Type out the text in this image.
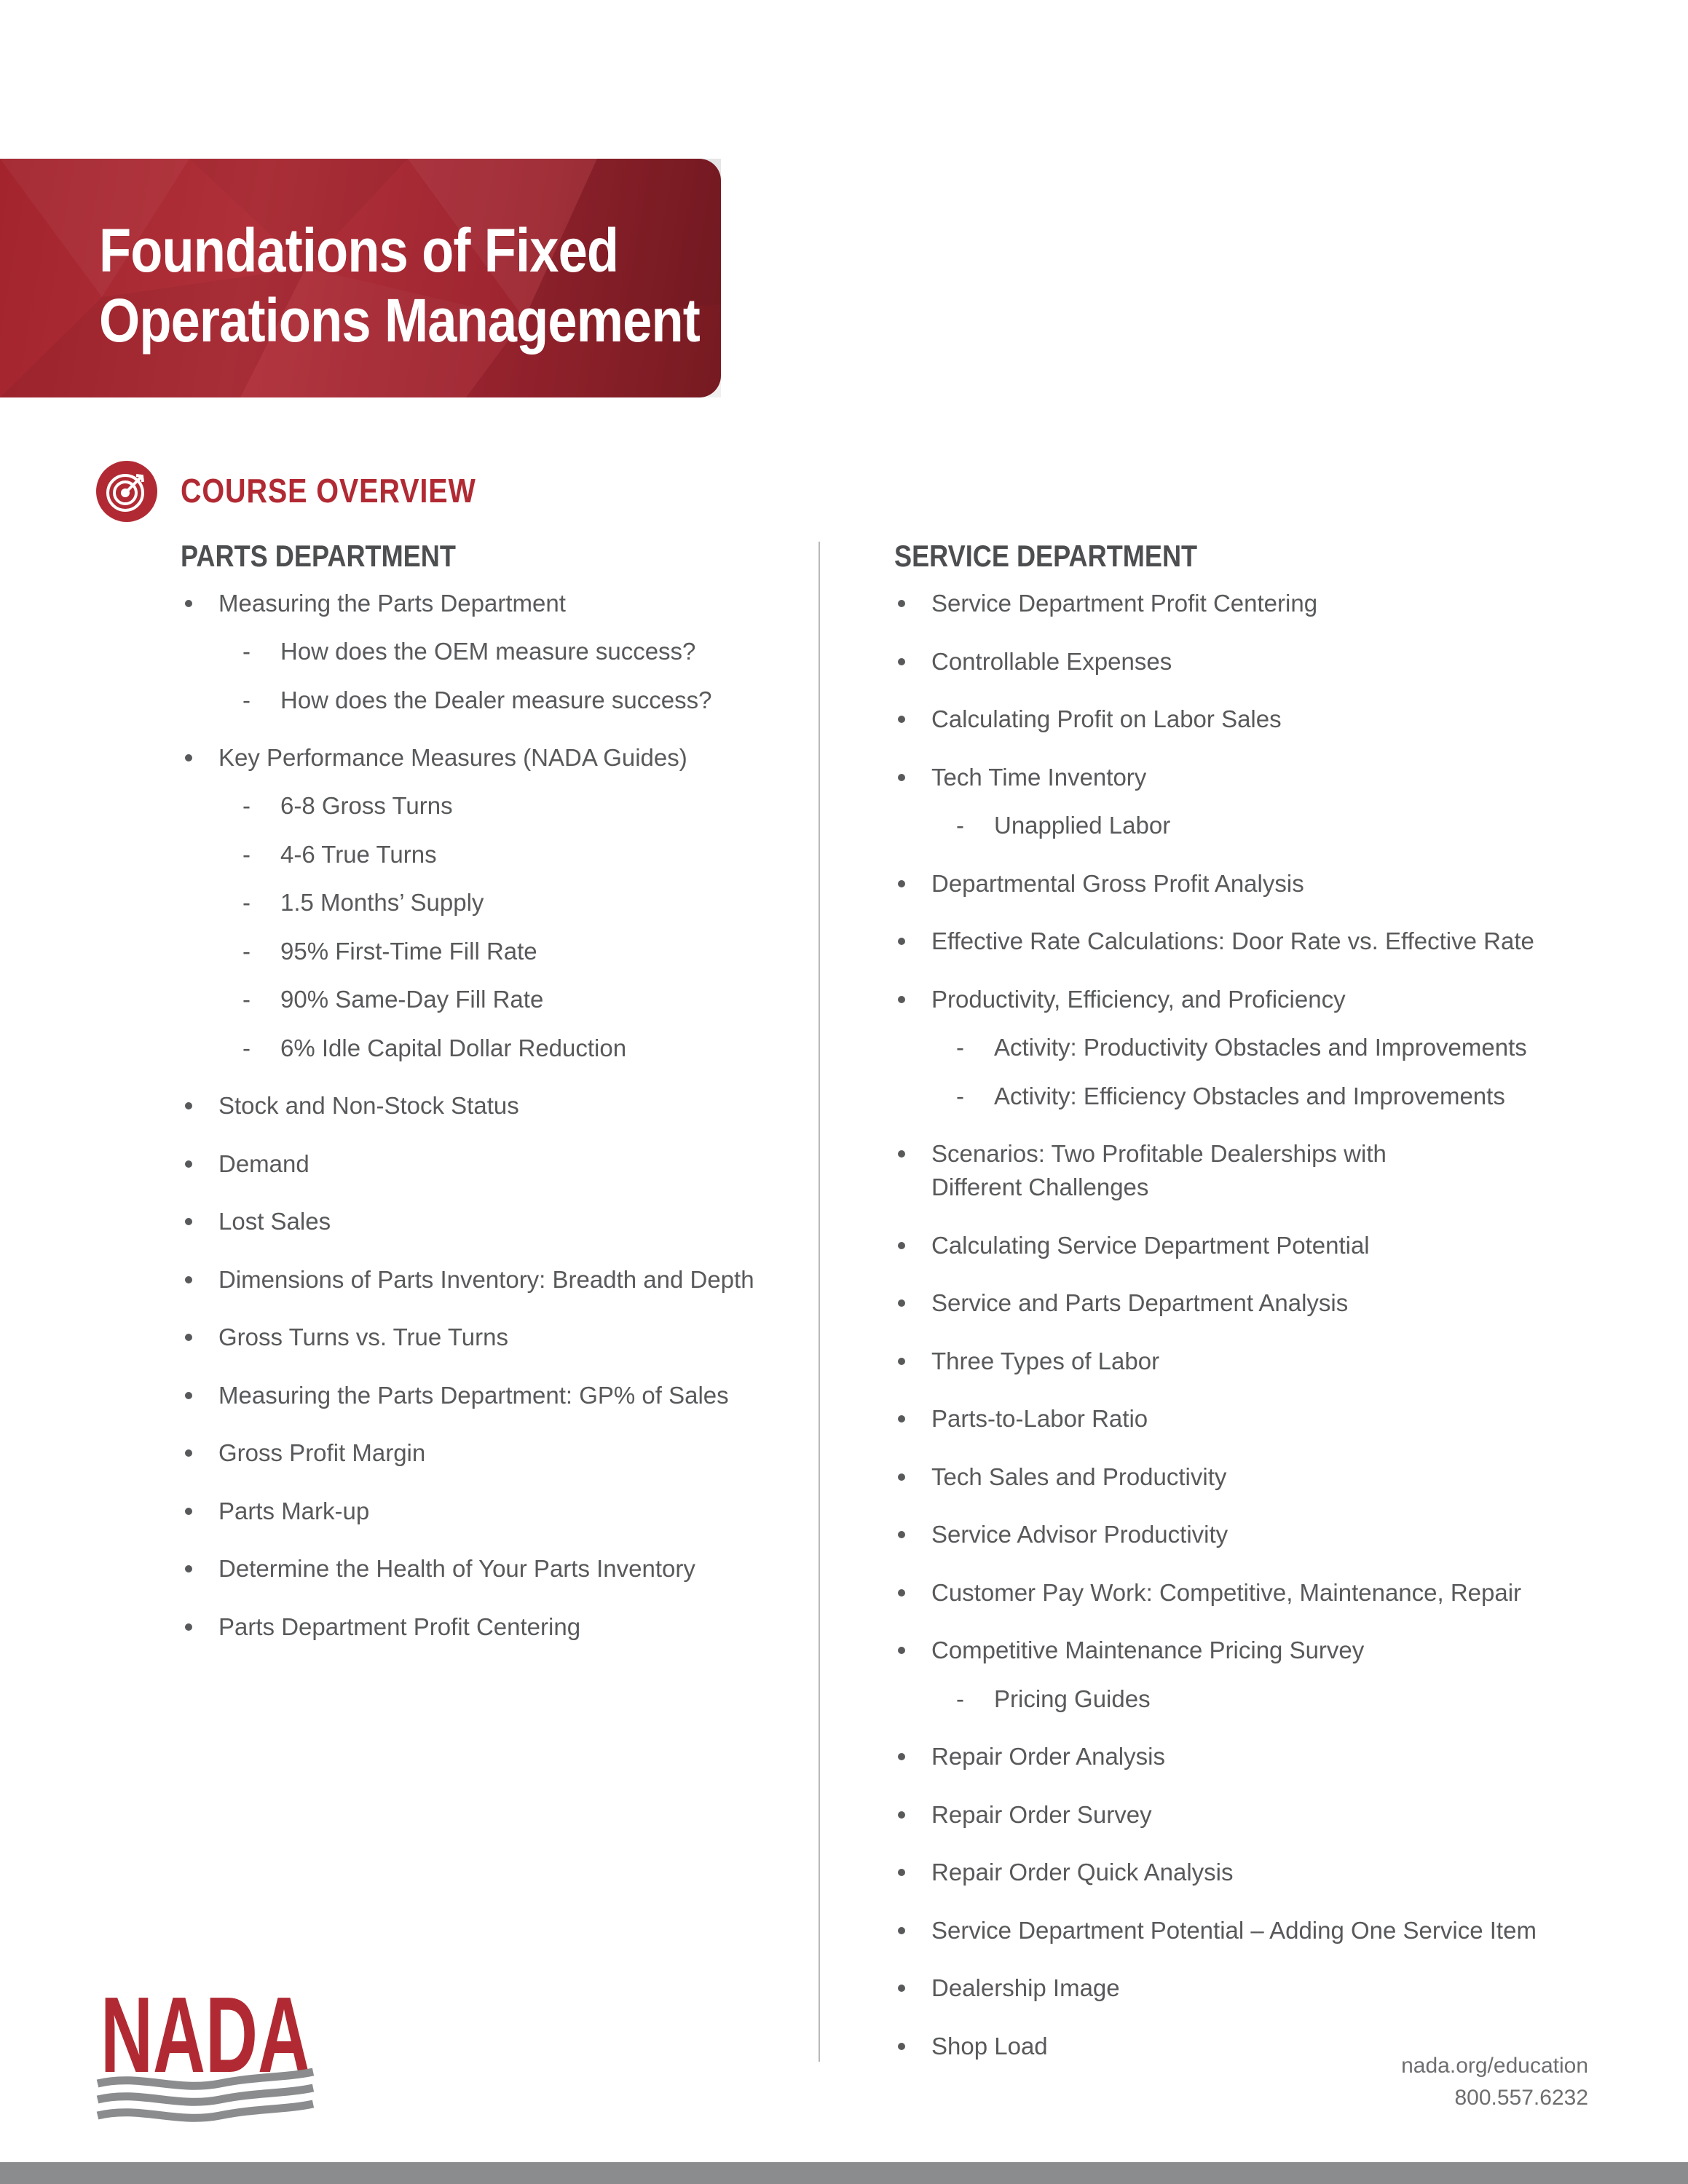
Foundations of Fixed
Operations Management
COURSE OVERVIEW
PARTS DEPARTMENT
Measuring the Parts Department
- How does the OEM measure success?
- How does the Dealer measure success?
Key Performance Measures (NADA Guides)
- 6-8 Gross Turns
- 4-6 True Turns
- 1.5 Months’ Supply
- 95% First-Time Fill Rate
- 90% Same-Day Fill Rate
- 6% Idle Capital Dollar Reduction
Stock and Non-Stock Status
Demand
Lost Sales
Dimensions of Parts Inventory: Breadth and Depth
Gross Turns vs. True Turns
Measuring the Parts Department: GP% of Sales
Gross Profit Margin
Parts Mark-up
Determine the Health of Your Parts Inventory
Parts Department Profit Centering
SERVICE DEPARTMENT
Service Department Profit Centering
Controllable Expenses
Calculating Profit on Labor Sales
Tech Time Inventory
- Unapplied Labor
Departmental Gross Profit Analysis
Effective Rate Calculations: Door Rate vs. Effective Rate
Productivity, Efficiency, and Proficiency
- Activity: Productivity Obstacles and Improvements
- Activity: Efficiency Obstacles and Improvements
Scenarios: Two Profitable Dealerships with
Different Challenges
Calculating Service Department Potential
Service and Parts Department Analysis
Three Types of Labor
Parts-to-Labor Ratio
Tech Sales and Productivity
Service Advisor Productivity
Customer Pay Work: Competitive, Maintenance, Repair
Competitive Maintenance Pricing Survey
- Pricing Guides
Repair Order Analysis
Repair Order Survey
Repair Order Quick Analysis
Service Department Potential – Adding One Service Item
Dealership Image
Shop Load
NADA	nada.org/education
800.557.6232
